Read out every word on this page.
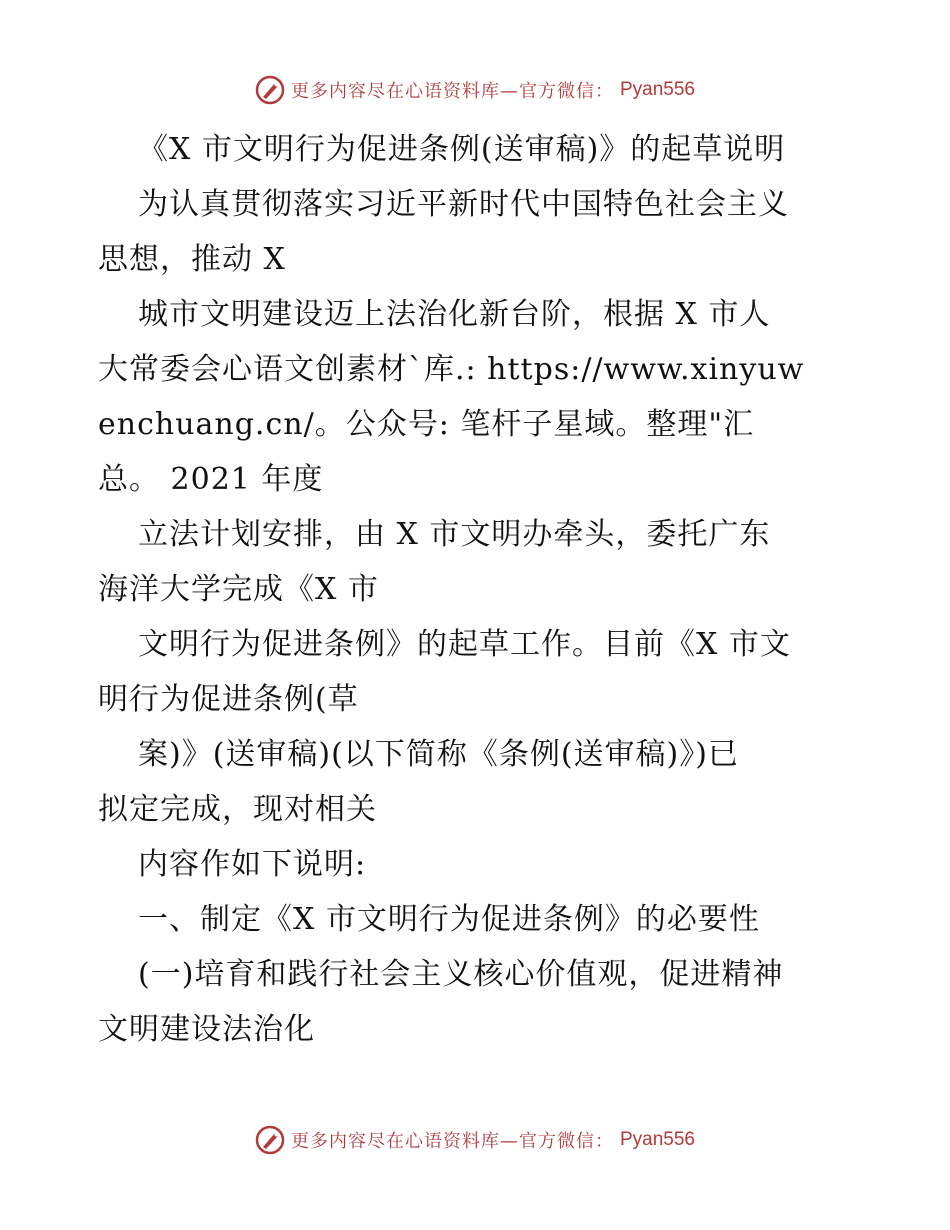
更多内容尽在心语资料库—官方微信： Pyan556
《X 市文明行为促进条例(送审稿)》的起草说明
为认真贯彻落实习近平新时代中国特色社会主义
思想，推动 X
城市文明建设迈上法治化新台阶，根据 X 市人
大常委会心语文创素材`库.: https://www.xinyuw
enchuang.cn/。公众号: 笔杆子星域。整理"汇
总。 2021 年度
立法计划安排，由 X 市文明办牵头，委托广东
海洋大学完成《X 市
文明行为促进条例》的起草工作。目前《X 市文
明行为促进条例(草
案)》(送审稿)(以下简称《条例(送审稿)》)已
拟定完成，现对相关
内容作如下说明:
一、制定《X 市文明行为促进条例》的必要性
(一)培育和践行社会主义核心价值观，促进精神
文明建设法治化
更多内容尽在心语资料库—官方微信： Pyan556
